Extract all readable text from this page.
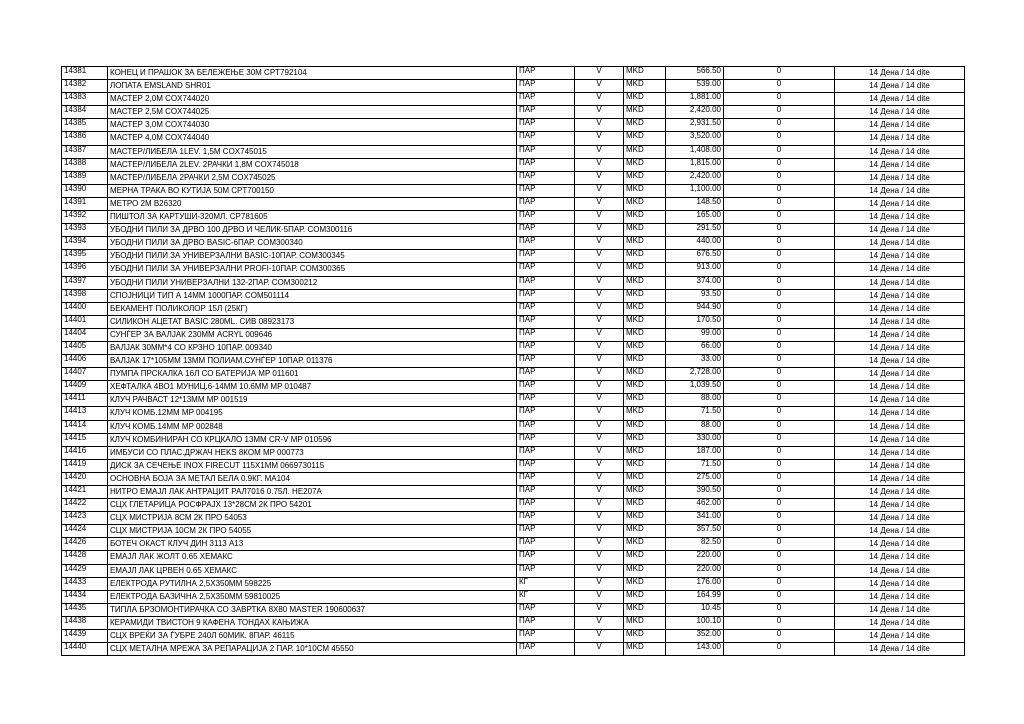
14381	КОНЕЦ И ПРАШОК ЗА БЕЛЕЖЕЊЕ 30М CPT792104	ПАР	V	MKD	566.50	0	14 Дена / 14 dite
14382	ЛОПАТА EMSLAND SHR01	ПАР	V	MKD	539.00	0	14 Дена / 14 dite
14383	МАСТЕР 2,0М COX744020	ПАР	V	MKD	1,881.00	0	14 Дена / 14 dite
14384	МАСТЕР 2,5М COX744025	ПАР	V	MKD	2,420.00	0	14 Дена / 14 dite
14385	МАСТЕР 3,0М COX744030	ПАР	V	MKD	2,931.50	0	14 Дена / 14 dite
14386	МАСТЕР 4,0М COX744040	ПАР	V	MKD	3,520.00	0	14 Дена / 14 dite
14387	МАСТЕР/ЛИБЕЛА 1LEV. 1,5М COX745015	ПАР	V	MKD	1,408.00	0	14 Дена / 14 dite
14388	МАСТЕР/ЛИБЕЛА 2LEV. 2РАЧКИ 1,8М COX745018	ПАР	V	MKD	1,815.00	0	14 Дена / 14 dite
14389	МАСТЕР/ЛИБЕЛА 2РАЧКИ 2,5М COX745025	ПАР	V	MKD	2,420.00	0	14 Дена / 14 dite
14390	МЕРНА ТРАКА ВО КУТИЈА 50М CPT700150	ПАР	V	MKD	1,100.00	0	14 Дена / 14 dite
14391	МЕТРО 2М B26320	ПАР	V	MKD	148.50	0	14 Дена / 14 dite
14392	ПИШТОЛ ЗА КАРТУШИ-320МЛ. CP781605	ПАР	V	MKD	165.00	0	14 Дена / 14 dite
14393	УБОДНИ ПИЛИ ЗА ДРВО 100 ДРВО И ЧЕЛИК-5ПАР. COM300116	ПАР	V	MKD	291.50	0	14 Дена / 14 dite
14394	УБОДНИ ПИЛИ ЗА ДРВО BASIC-6ПАР. COM300340	ПАР	V	MKD	440.00	0	14 Дена / 14 dite
14395	УБОДНИ ПИЛИ ЗА УНИВЕРЗАЛНИ BASIC-10ПАР. COM300345	ПАР	V	MKD	676.50	0	14 Дена / 14 dite
14396	УБОДНИ ПИЛИ ЗА УНИВЕРЗАЛНИ PROFI-10ПАР. COM300365	ПАР	V	MKD	913.00	0	14 Дена / 14 dite
14397	УБОДНИ ПИЛИ УНИВЕРЗАЛНИ 132-2ПАР. COM300212	ПАР	V	MKD	374.00	0	14 Дена / 14 dite
14398	СПОЈНИЦИ ТИП А 14ММ 1000ПАР. COM501114	ПАР	V	MKD	93.50	0	14 Дена / 14 dite
14400	БЕКАМЕНТ ПОЛИКОЛОР 15Л (25КГ)	ПАР	V	MKD	944.90	0	14 Дена / 14 dite
14401	СИЛИКОН АЦЕТАТ BASIC 280ML. СИВ 08923173	ПАР	V	MKD	170.50	0	14 Дена / 14 dite
14404	СУНЃЕР ЗА ВАЛЈАК 230ММ ACRYL 009646	ПАР	V	MKD	99.00	0	14 Дена / 14 dite
14405	ВАЛЈАК 30ММ*4 СО КРЗНО 10ПАР. 009340	ПАР	V	MKD	66.00	0	14 Дена / 14 dite
14406	ВАЛЈАК 17*105ММ 13ММ ПОЛИАМ.СУНЃЕР 10ПАР. 011376	ПАР	V	MKD	33.00	0	14 Дена / 14 dite
14407	ПУМПА ПРСКАЛКА 16Л СО БАТЕРИЈА MP 011601	ПАР	V	MKD	2,728.00	0	14 Дена / 14 dite
14409	ХЕФТАЛКА 4ВО1 МУНИЦ.6-14ММ 10.6ММ MP 010487	ПАР	V	MKD	1,039.50	0	14 Дена / 14 dite
14411	КЛУЧ РАЧВАСТ 12*13ММ MP 001519	ПАР	V	MKD	88.00	0	14 Дена / 14 dite
14413	КЛУЧ КОМБ.12ММ MP 004195	ПАР	V	MKD	71.50	0	14 Дена / 14 dite
14414	КЛУЧ КОМБ.14ММ MP 002848	ПАР	V	MKD	88.00	0	14 Дена / 14 dite
14415	КЛУЧ КОМБИНИРАН СО КРЦКАЛО 13ММ CR-V MP 010596	ПАР	V	MKD	330.00	0	14 Дена / 14 dite
14416	ИМБУСИ СО ПЛАС.ДРЖАЧ HEKS 8КОМ MP 000773	ПАР	V	MKD	187.00	0	14 Дена / 14 dite
14419	ДИСК ЗА СЕЧЕЊЕ INOX FIRECUT 115X1ММ 0669730115	ПАР	V	MKD	71.50	0	14 Дена / 14 dite
14420	ОСНОВНА БОЈА ЗА МЕТАЛ БЕЛА 0.9КГ. MA104	ПАР	V	MKD	275.00	0	14 Дена / 14 dite
14421	НИТРО ЕМАЈЛ ЛАК АНТРАЦИТ РАЛ7016 0.75Л. НЕ207А	ПАР	V	MKD	390.50	0	14 Дена / 14 dite
14422	СЦХ ГЛЕТАРИЦА РОСФРАЈХ 13*28СМ 2К ПРО 54201	ПАР	V	MKD	462.00	0	14 Дена / 14 dite
14423	СЦХ МИСТРИЈА 8СМ 2К ПРО 54053	ПАР	V	MKD	341.00	0	14 Дена / 14 dite
14424	СЦХ МИСТРИЈА 10СМ 2К ПРО 54055	ПАР	V	MKD	357.50	0	14 Дена / 14 dite
14426	БОТЕЧ ОКАСТ КЛУЧ ДИН 3113 А13	ПАР	V	MKD	82.50	0	14 Дена / 14 dite
14428	ЕМАЈЛ ЛАК ЖОЛТ 0.65 ХЕМАКС	ПАР	V	MKD	220.00	0	14 Дена / 14 dite
14429	ЕМАЈЛ ЛАК ЦРВЕН 0.65 ХЕМАКС	ПАР	V	MKD	220.00	0	14 Дена / 14 dite
14433	ЕЛЕКТРОДА РУТИЛНА 2,5Х350ММ 598225	КГ	V	MKD	176.00	0	14 Дена / 14 dite
14434	ЕЛЕКТРОДА БАЗИЧНА 2,5Х350ММ 59810025	КГ	V	MKD	164.99	0	14 Дена / 14 dite
14435	ТИПЛА БРЗОМОНТИРАЧКА СО ЗАВРТКА 8Х80 MASTER 190600637	ПАР	V	MKD	10.45	0	14 Дена / 14 dite
14438	КЕРАМИДИ ТВИСТОН 9 КАФЕНА ТОНДАХ КАЊИЖА	ПАР	V	MKD	100.10	0	14 Дена / 14 dite
14439	СЦХ ВРЕЌИ ЗА ЃУБРЕ 240Л 60МИК. 8ПАР. 46115	ПАР	V	MKD	352.00	0	14 Дена / 14 dite
14440	СЦХ МЕТАЛНА МРЕЖА ЗА РЕПАРАЦИЈА 2 ПАР. 10*10СМ 45550	ПАР	V	MKD	143.00	0	14 Дена / 14 dite
